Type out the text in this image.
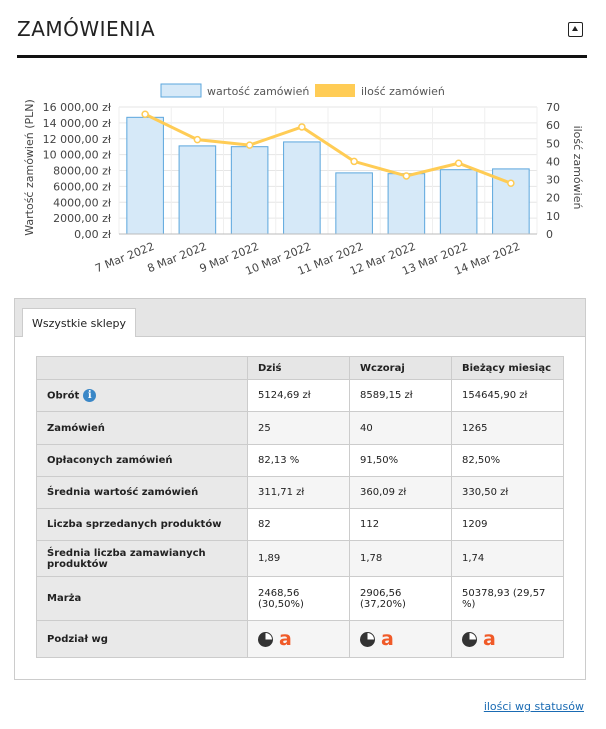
ZAMÓWIENIA
0,00 zł
2000,00 zł
4000,00 zł
6000,00 zł
8000,00 zł
10 000,00 zł
12 000,00 zł
14 000,00 zł
16 000,00 zł
0
10
20
30
40
50
60
70
7 Mar 2022
8 Mar 2022
9 Mar 2022
10 Mar 2022
11 Mar 2022
12 Mar 2022
13 Mar 2022
14 Mar 2022
Wartość zamówień (PLN)	ilość zamówień
wartość zamówień	ilość zamówień
Wszystkie sklepy
	Dziś	Wczoraj	Bieżący miesiąc
Obrót i	5124,69 zł	8589,15 zł	154645,90 zł
Zamówień	25	40	1265
Opłaconych zamówień	82,13 %	91,50%	82,50%
Średnia wartość zamówień	311,71 zł	360,09 zł	330,50 zł
Liczba sprzedanych produktów	82	112	1209
Średnia liczba zamawianych produktów	1,89	1,78	1,74
Marża	2468,56 (30,50%)	2906,56 (37,20%)	50378,93 (29,57 %)
Podział wg	a	a	a
ilości wg statusów
